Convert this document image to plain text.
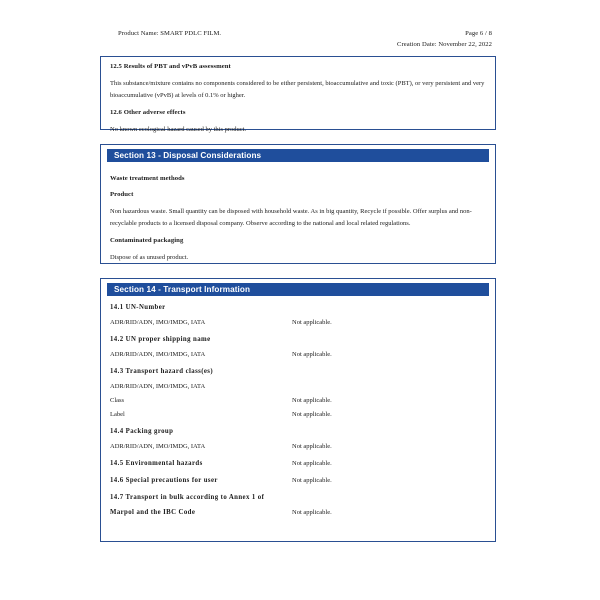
Product Name: SMART PDLC FILM.	Page 6 / 8
Creation Date: November 22, 2022

12.5 Results of PBT and vPvB assessment

This substance/mixture contains no components considered to be either persistent, bioaccumulative and toxic (PBT), or very persistent and very bioaccumulative (vPvB) at levels of 0.1% or higher.

12.6 Other adverse effects

No known ecological hazard caused by this product.

Section 13 - Disposal Considerations

Waste treatment methods

Product

Non hazardous waste. Small quantity can be disposed with household waste. As in big quantity, Recycle if possible. Offer surplus and non-recyclable products to a licensed disposal company. Observe according to the national and local related regulations.

Contaminated packaging

Dispose of as unused product.

Section 14 - Transport Information

14.1 UN-Number

ADR/RID/ADN, IMO/IMDG, IATA	Not applicable.

14.2 UN proper shipping name

ADR/RID/ADN, IMO/IMDG, IATA	Not applicable.

14.3 Transport hazard class(es)

ADR/RID/ADN, IMO/IMDG, IATA
Class	Not applicable.
Label	Not applicable.

14.4 Packing group

ADR/RID/ADN, IMO/IMDG, IATA	Not applicable.
14.5 Environmental hazards	Not applicable.
14.6 Special precautions for user	Not applicable.

14.7 Transport in bulk according to Annex 1 of

Marpol and the IBC Code	Not applicable.
